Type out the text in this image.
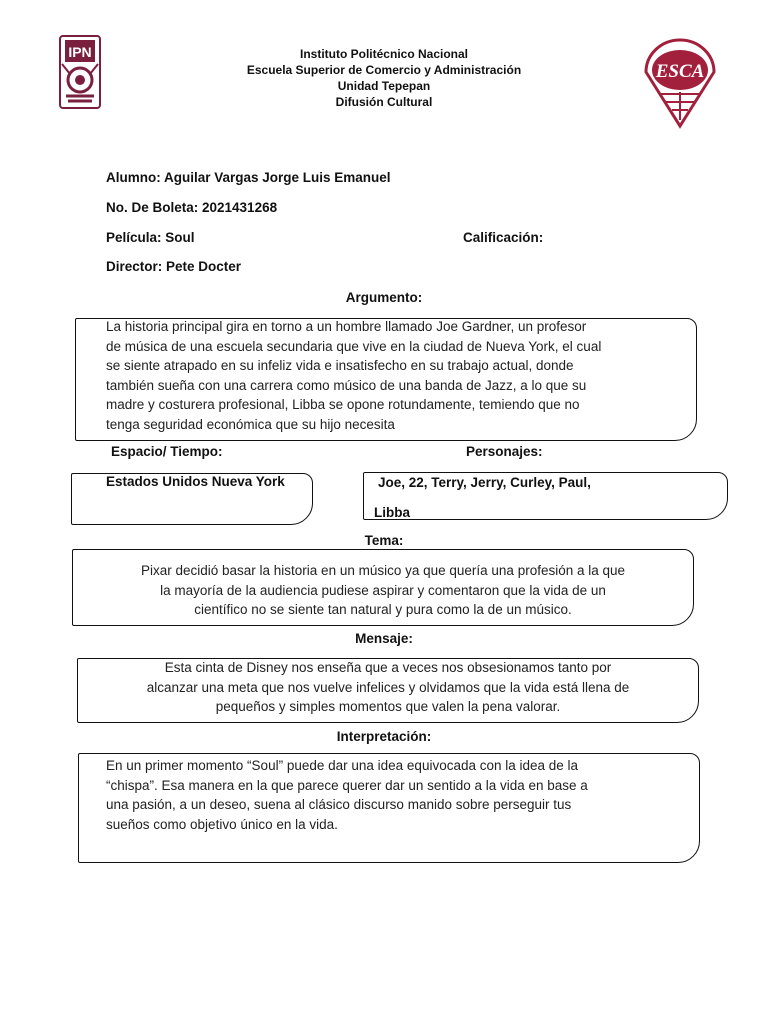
IPN
ESCA
Instituto Politécnico Nacional
Escuela Superior de Comercio y Administración
Unidad Tepepan
Difusión Cultural
Alumno: Aguilar Vargas Jorge Luis Emanuel
No. De Boleta: 2021431268
Película: Soul	Calificación:
Director: Pete Docter
Argumento:
La historia principal gira en torno a un hombre llamado Joe Gardner, un profesor
de música de una escuela secundaria que vive en la ciudad de Nueva York, el cual
se siente atrapado en su infeliz vida e insatisfecho en su trabajo actual, donde
también sueña con una carrera como músico de una banda de Jazz, a lo que su
madre y costurera profesional, Libba se opone rotundamente, temiendo que no
tenga seguridad económica que su hijo necesita
Espacio/ Tiempo:	Personajes:
Estados Unidos Nueva York	Joe, 22, Terry, Jerry, Curley, Paul,
Libba
Tema:
Pixar decidió basar la historia en un músico ya que quería una profesión a la que
la mayoría de la audiencia pudiese aspirar y comentaron que la vida de un
científico no se siente tan natural y pura como la de un músico.
Mensaje:
Esta cinta de Disney nos enseña que a veces nos obsesionamos tanto por
alcanzar una meta que nos vuelve infelices y olvidamos que la vida está llena de
pequeños y simples momentos que valen la pena valorar.
Interpretación:
En un primer momento “Soul” puede dar una idea equivocada con la idea de la
“chispa”. Esa manera en la que parece querer dar un sentido a la vida en base a
una pasión, a un deseo, suena al clásico discurso manido sobre perseguir tus
sueños como objetivo único en la vida.
